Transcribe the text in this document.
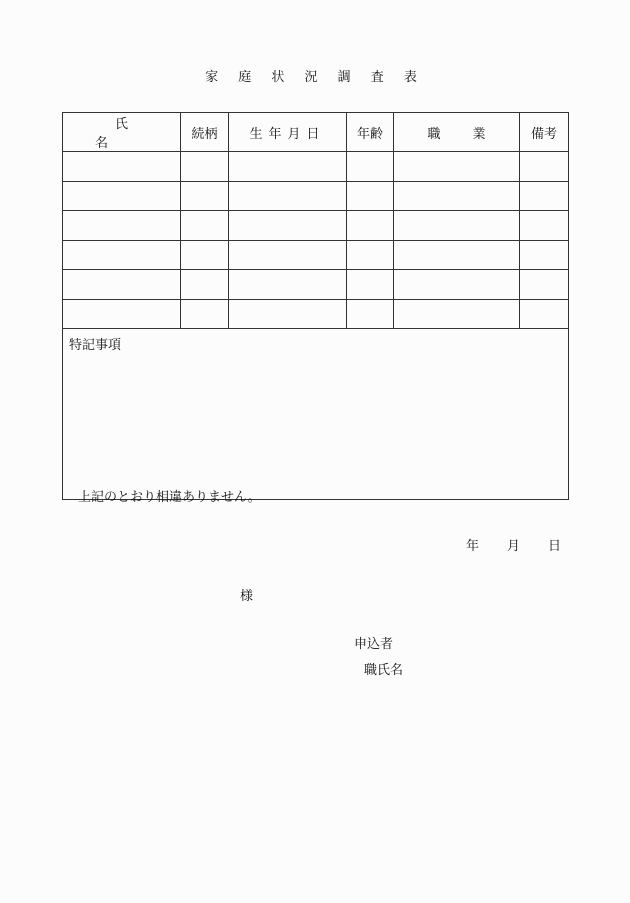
家 庭 状 況 調 査 表
氏名	続柄	生年月日	年齢	職業	備考

特記事項					
上記のとおり相違ありません。
年 月 日
様
申込者
職氏名
